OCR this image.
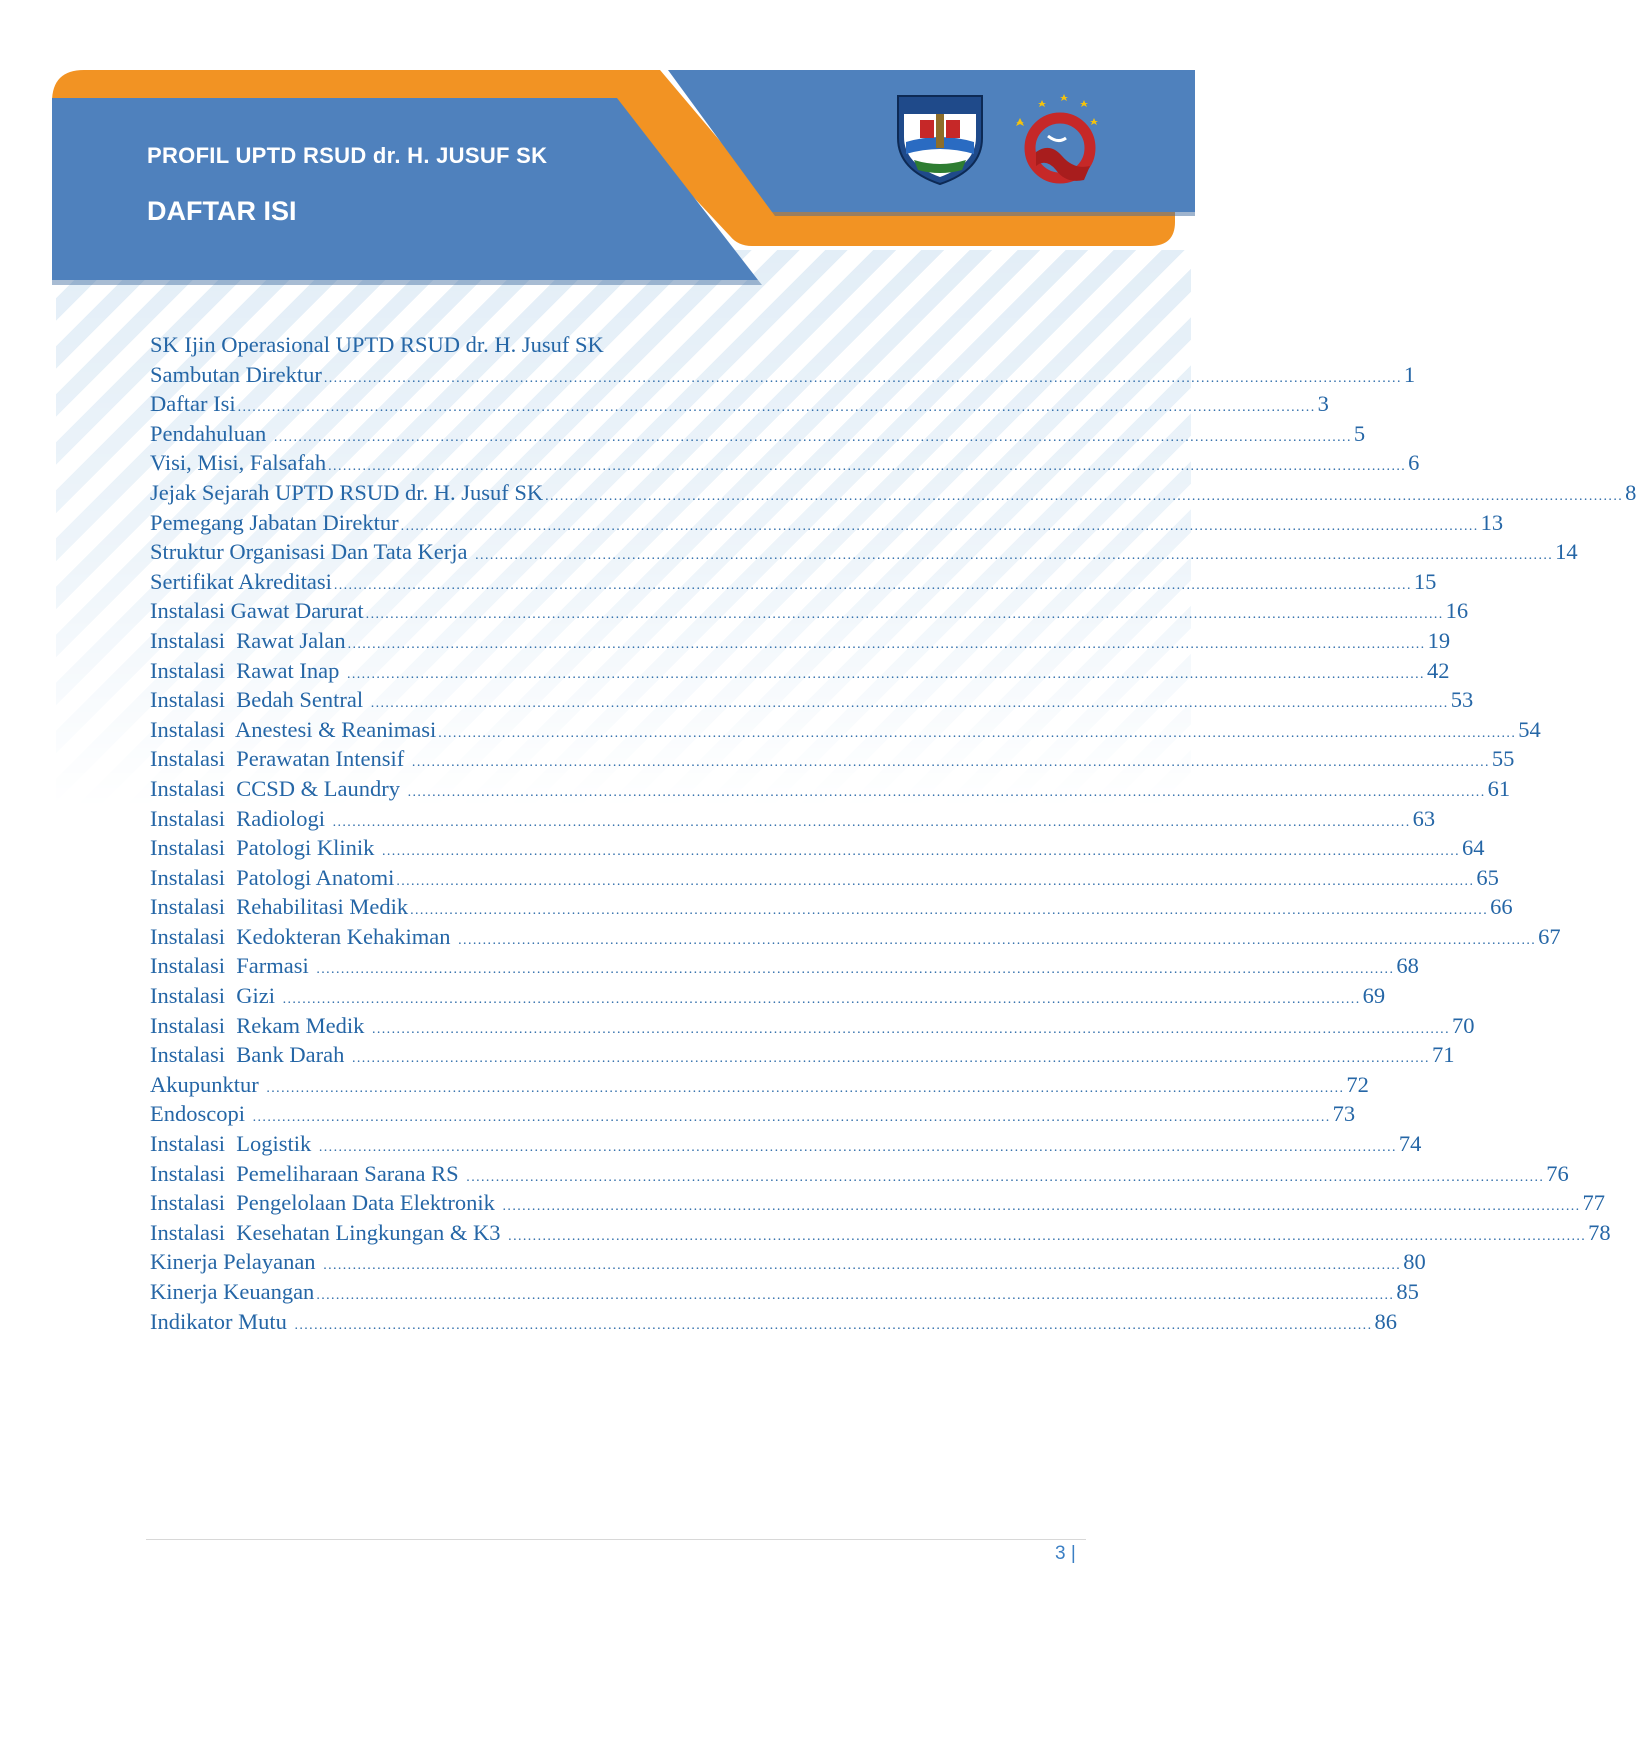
PROFIL UPTD RSUD dr. H. JUSUF SK
DAFTAR ISI
SK Ijin Operasional UPTD RSUD dr. H. Jusuf SK
Sambutan Direktur ............................................................................................................................................................................................................................ 1
Daftar Isi ............................................................................................................................................................................................................................ 3
Pendahuluan ............................................................................................................................................................................................................................ 5
Visi, Misi, Falsafah ............................................................................................................................................................................................................................ 6
Jejak Sejarah UPTD RSUD dr. H. Jusuf SK ............................................................................................................................................................................................................................ 8
Pemegang Jabatan Direktur ............................................................................................................................................................................................................................ 13
Struktur Organisasi Dan Tata Kerja ............................................................................................................................................................................................................................ 14
Sertifikat Akreditasi ............................................................................................................................................................................................................................ 15
Instalasi Gawat Darurat ............................................................................................................................................................................................................................ 16
Instalasi  Rawat Jalan ............................................................................................................................................................................................................................ 19
Instalasi  Rawat Inap ............................................................................................................................................................................................................................ 42
Instalasi  Bedah Sentral ............................................................................................................................................................................................................................ 53
Instalasi  Anestesi & Reanimasi ............................................................................................................................................................................................................................ 54
Instalasi  Perawatan Intensif ............................................................................................................................................................................................................................ 55
Instalasi  CCSD & Laundry ............................................................................................................................................................................................................................ 61
Instalasi  Radiologi ............................................................................................................................................................................................................................ 63
Instalasi  Patologi Klinik ............................................................................................................................................................................................................................ 64
Instalasi  Patologi Anatomi ............................................................................................................................................................................................................................ 65
Instalasi  Rehabilitasi Medik ............................................................................................................................................................................................................................ 66
Instalasi  Kedokteran Kehakiman ............................................................................................................................................................................................................................ 67
Instalasi  Farmasi ............................................................................................................................................................................................................................ 68
Instalasi  Gizi ............................................................................................................................................................................................................................ 69
Instalasi  Rekam Medik ............................................................................................................................................................................................................................ 70
Instalasi  Bank Darah ............................................................................................................................................................................................................................ 71
Akupunktur ............................................................................................................................................................................................................................ 72
Endoscopi ............................................................................................................................................................................................................................ 73
Instalasi  Logistik ............................................................................................................................................................................................................................ 74
Instalasi  Pemeliharaan Sarana RS ............................................................................................................................................................................................................................ 76
Instalasi  Pengelolaan Data Elektronik ............................................................................................................................................................................................................................ 77
Instalasi  Kesehatan Lingkungan & K3 ............................................................................................................................................................................................................................ 78
Kinerja Pelayanan ............................................................................................................................................................................................................................ 80
Kinerja Keuangan ............................................................................................................................................................................................................................ 85
Indikator Mutu ............................................................................................................................................................................................................................ 86
3 |
